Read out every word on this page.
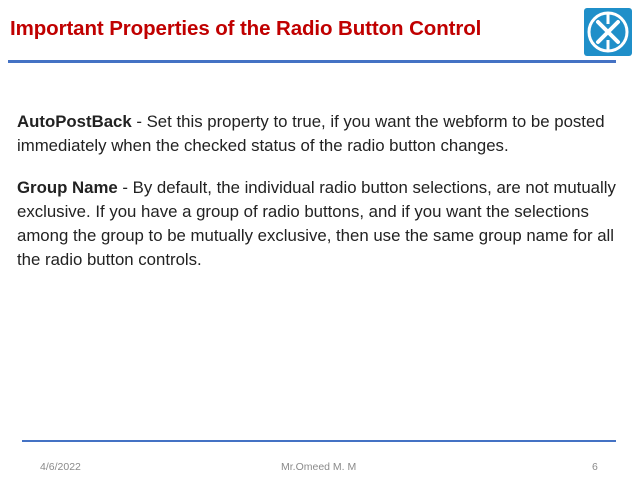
Important Properties of the Radio Button Control

AutoPostBack - Set this property to true, if you want the webform to be posted immediately when the checked status of the radio button changes.

Group Name - By default, the individual radio button selections, are not mutually exclusive. If you have a group of radio buttons, and if you want the selections among the group to be mutually exclusive, then use the same group name for all the radio button controls.

4/6/2022	Mr.Omeed M. M	6
